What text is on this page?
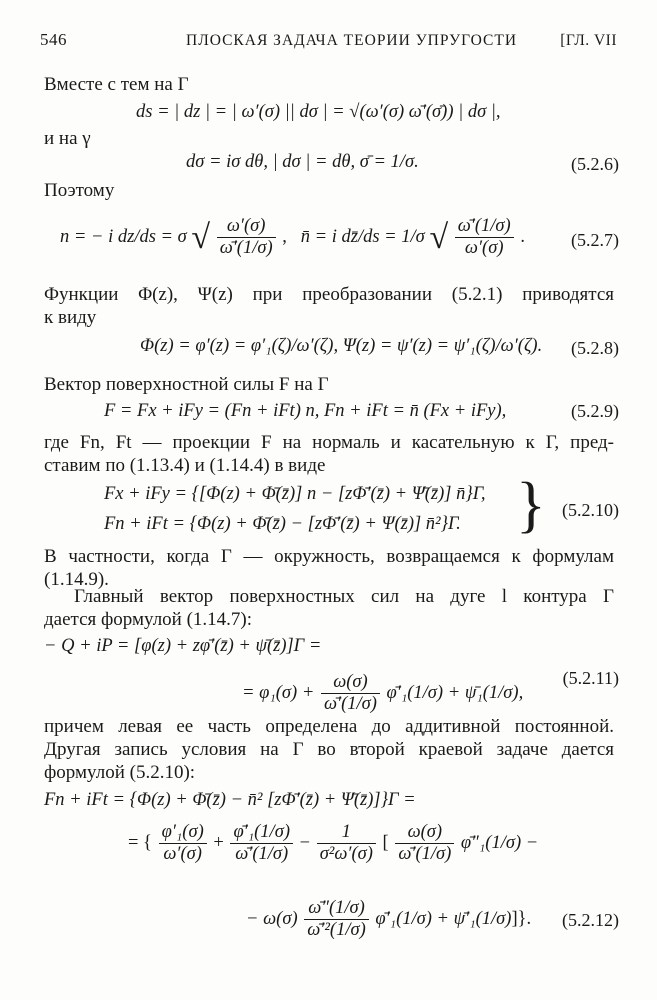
546	ПЛОСКАЯ ЗАДАЧА ТЕОРИИ УПРУГОСТИ	[ГЛ. VII
Вместе с тем на Γ
ds = | dz | = | ω′(σ) || dσ | = √(ω′(σ) ω̄′(σ̄)) | dσ |,
и на γ
dσ = iσ dθ, | dσ | = dθ, σ̄ = 1/σ.	(5.2.6)
Поэтому
n = − i dz/ds = σ √ $\frac{\omega'(\sigma)}{\omegā'(1/\sigma)}$ ,   n̄ = i dz̄/ds = 1/σ √ $\frac{\omegā'(1/\sigma)}{\omega'(\sigma)}$ .	(5.2.7)
Функции Φ(z), Ψ(z) при преобразовании (5.2.1) приводятся
к виду
Φ(z) = φ′(z) = φ′₁(ζ)/ω′(ζ), Ψ(z) = ψ′(z) = ψ′₁(ζ)/ω′(ζ). (5.2.8)
Вектор поверхностной силы F на Γ
F = Fx + iFy = (Fn + iFt) n, Fn + iFt = n̄ (Fx + iFy),	(5.2.9)
где Fn, Ft — проекции F на нормаль и касательную к Γ, пред-
ставим по (1.13.4) и (1.14.4) в виде
Fx + iFy = {[Φ(z) + Φ̄(z̄)] n − [zΦ̄′(z̄) + Ψ̄(z̄)] n̄}Γ,
Fn + iFt = {Φ(z) + Φ̄(z̄) − [zΦ̄′(z̄) + Ψ(z̄)] n̄²}Γ. } (5.2.10)
В частности, когда Γ — окружность, возвращаемся к формулам
(1.14.9).
Главный вектор поверхностных сил на дуге l контура Γ
дается формулой (1.14.7):
− Q + iP = [φ(z) + zφ̄′(z̄) + ψ̄(z̄)]Γ =
= $\varphi_1(\sigma) + \frac{\omega(\sigma)}{\omegā'(1/\sigma)}$ φ̄′₁(1/σ) + ψ̄₁(1/σ),
(5.2.11)
причем левая ее часть определена до аддитивной постоянной.
Другая запись условия на Γ во второй краевой задаче дается
формулой (5.2.10):
Fn + iFt = {Φ(z) + Φ̄(z̄) − n̄² [zΦ̄′(z̄) + Ψ̄(z̄)]}Γ =
= { $\frac{\text{φ′₁(σ)}}{\omega'(\sigma)} + \frac{\text{φ̄′₁(1/σ)}}{\omegā'(1/\sigma)} - \frac{1}{\text{σ²ω′(σ)}}$ [ $\frac{\omega(\sigma)}{\omegā'(1/\sigma)}$ φ̄″₁(1/σ) −
− $\omega(\sigma) \frac{\omegā''(1/\sigma)}{\text{ω̄′²(1/σ)}}$ φ̄′₁(1/σ) + ψ̄′₁(1/σ)]}. (5.2.12)
